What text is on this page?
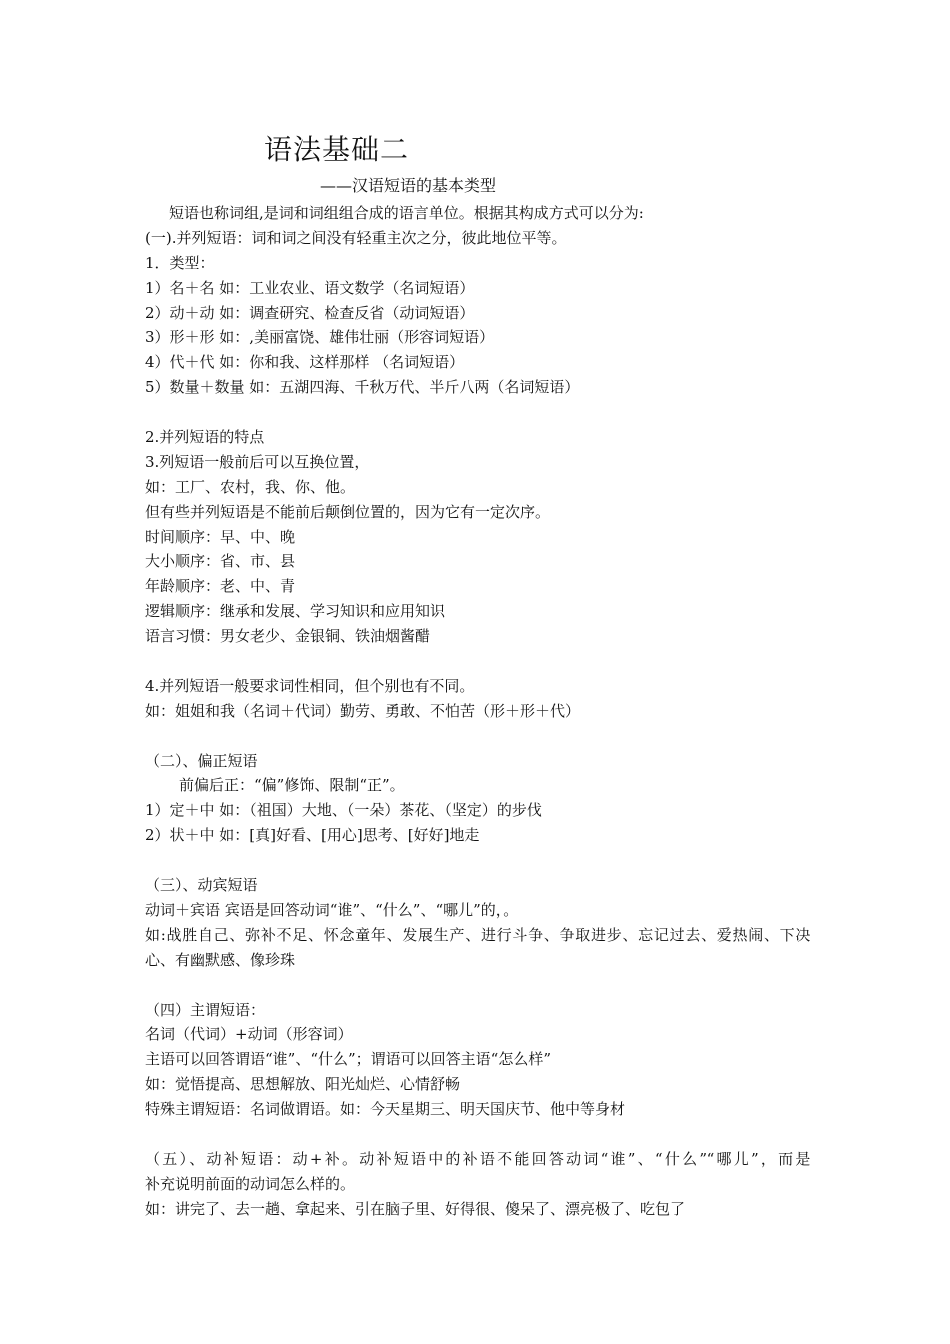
语法基础二
——汉语短语的基本类型
短语也称词组,是词和词组组合成的语言单位。根据其构成方式可以分为:
(一).并列短语：词和词之间没有轻重主次之分，彼此地位平等。
1．类型：
1）名＋名 如：工业农业、语文数学（名词短语）
2）动＋动 如：调查研究、检查反省（动词短语）
3）形＋形 如：,美丽富饶、雄伟壮丽（形容词短语）
4）代＋代 如：你和我、这样那样 （名词短语）
5）数量＋数量 如：五湖四海、千秋万代、半斤八两（名词短语）
2.并列短语的特点
3.列短语一般前后可以互换位置，
如：工厂、农村，我、你、他。
但有些并列短语是不能前后颠倒位置的，因为它有一定次序。
时间顺序：早、中、晚
大小顺序：省、市、县
年龄顺序：老、中、青
逻辑顺序：继承和发展、学习知识和应用知识
语言习惯：男女老少、金银铜、铁油烟酱醋
4.并列短语一般要求词性相同，但个别也有不同。
如：姐姐和我（名词＋代词）勤劳、勇敢、不怕苦（形＋形＋代）
（二）、偏正短语
前偏后正：“偏”修饰、限制“正”。
1）定＋中 如：（祖国）大地、（一朵）茶花、（坚定）的步伐
2）状＋中 如：[真]好看、[用心]思考、[好好]地走
（三）、动宾短语
动词＋宾语 宾语是回答动词“谁”、“什么”、“哪儿”的，。
如:战胜自己、弥补不足、怀念童年、发展生产、进行斗争、争取进步、忘记过去、爱热闹、下决
心、有幽默感、像珍珠
（四）主谓短语：
名词（代词）+动词（形容词）
主语可以回答谓语“谁”、“什么”；谓语可以回答主语“怎么样”
如：觉悟提高、思想解放、阳光灿烂、心情舒畅
特殊主谓短语：名词做谓语。如：今天星期三、明天国庆节、他中等身材
（五）、动补短语：动+补。动补短语中的补语不能回答动词“谁”、“什么”“哪儿”，而是
补充说明前面的动词怎么样的。
如：讲完了、去一趟、拿起来、引在脑子里、好得很、傻呆了、漂亮极了、吃包了
